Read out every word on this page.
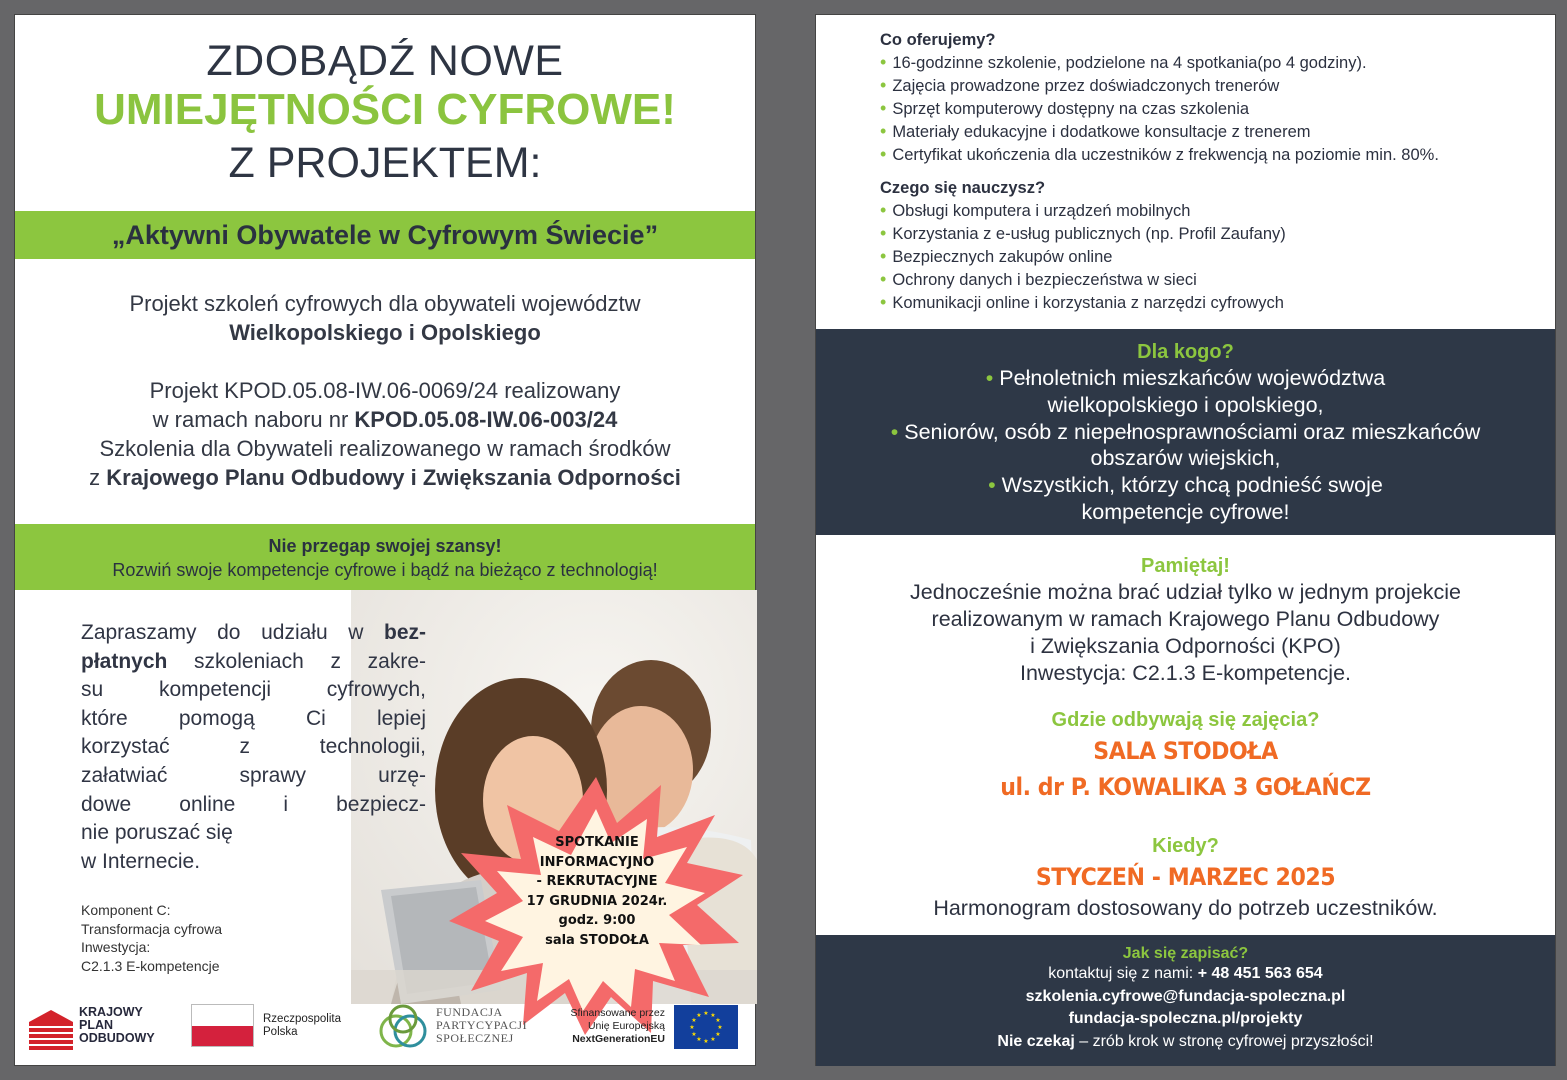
ZDOBĄDŹ NOWE
UMIEJĘTNOŚCI CYFROWE!
Z PROJEKTEM:
„Aktywni Obywatele w Cyfrowym Świecie”
Projekt szkoleń cyfrowych dla obywateli województw
Wielkopolskiego i Opolskiego
Projekt KPOD.05.08-IW.06-0069/24 realizowany
w ramach naboru nr KPOD.05.08-IW.06-003/24
Szkolenia dla Obywateli realizowanego w ramach środków
z Krajowego Planu Odbudowy i Zwiększania Odporności
Nie przegap swojej szansy!
Rozwiń swoje kompetencje cyfrowe i bądź na bieżąco z technologią!
Zapraszamy do udziału w bez-
płatnych szkoleniach z zakre-
su kompetencji cyfrowych,
które pomogą Ci lepiej
korzystać z technologii,
załatwiać sprawy urzę-
dowe online i bezpiecz-
nie poruszać się
w Internecie.
Komponent C:
Transformacja cyfrowa
Inwestycja:
C2.1.3 E-kompetencje
SPOTKANIE
INFORMACYJNO
- REKRUTACYJNE
17 GRUDNIA 2024r.
godz. 9:00
sala STODOŁA
KRAJOWY
PLAN
ODBUDOWY
Rzeczpospolita
Polska
FUNDACJA
PARTYCYPACJI
SPOŁECZNEJ
Sfinansowane przez
Unię Europejską
NextGenerationEU
★ ★
★
★
★
★
★
★
★
★
★
★
Co oferujemy?
• 16-godzinne szkolenie, podzielone na 4 spotkania(po 4 godziny).
• Zajęcia prowadzone przez doświadczonych trenerów
• Sprzęt komputerowy dostępny na czas szkolenia
• Materiały edukacyjne i dodatkowe konsultacje z trenerem
• Certyfikat ukończenia dla uczestników z frekwencją na poziomie min. 80%.
Czego się nauczysz?
• Obsługi komputera i urządzeń mobilnych
• Korzystania z e-usług publicznych (np. Profil Zaufany)
• Bezpiecznych zakupów online
• Ochrony danych i bezpieczeństwa w sieci
• Komunikacji online i korzystania z narzędzi cyfrowych
Dla kogo?
• Pełnoletnich mieszkańców województwa
wielkopolskiego i opolskiego,
• Seniorów, osób z niepełnosprawnościami oraz mieszkańców
obszarów wiejskich,
• Wszystkich, którzy chcą podnieść swoje
kompetencje cyfrowe!
Pamiętaj!
Jednocześnie można brać udział tylko w jednym projekcie
realizowanym w ramach Krajowego Planu Odbudowy
i Zwiększania Odporności (KPO)
Inwestycja: C2.1.3 E-kompetencje.
Gdzie odbywają się zajęcia?
SALA STODOŁA
ul. dr P. KOWALIKA 3 GOŁAŃCZ
Kiedy?
STYCZEŃ - MARZEC 2025
Harmonogram dostosowany do potrzeb uczestników.
Jak się zapisać?
kontaktuj się z nami: + 48 451 563 654
szkolenia.cyfrowe@fundacja-spoleczna.pl
fundacja-spoleczna.pl/projekty
Nie czekaj – zrób krok w stronę cyfrowej przyszłości!
